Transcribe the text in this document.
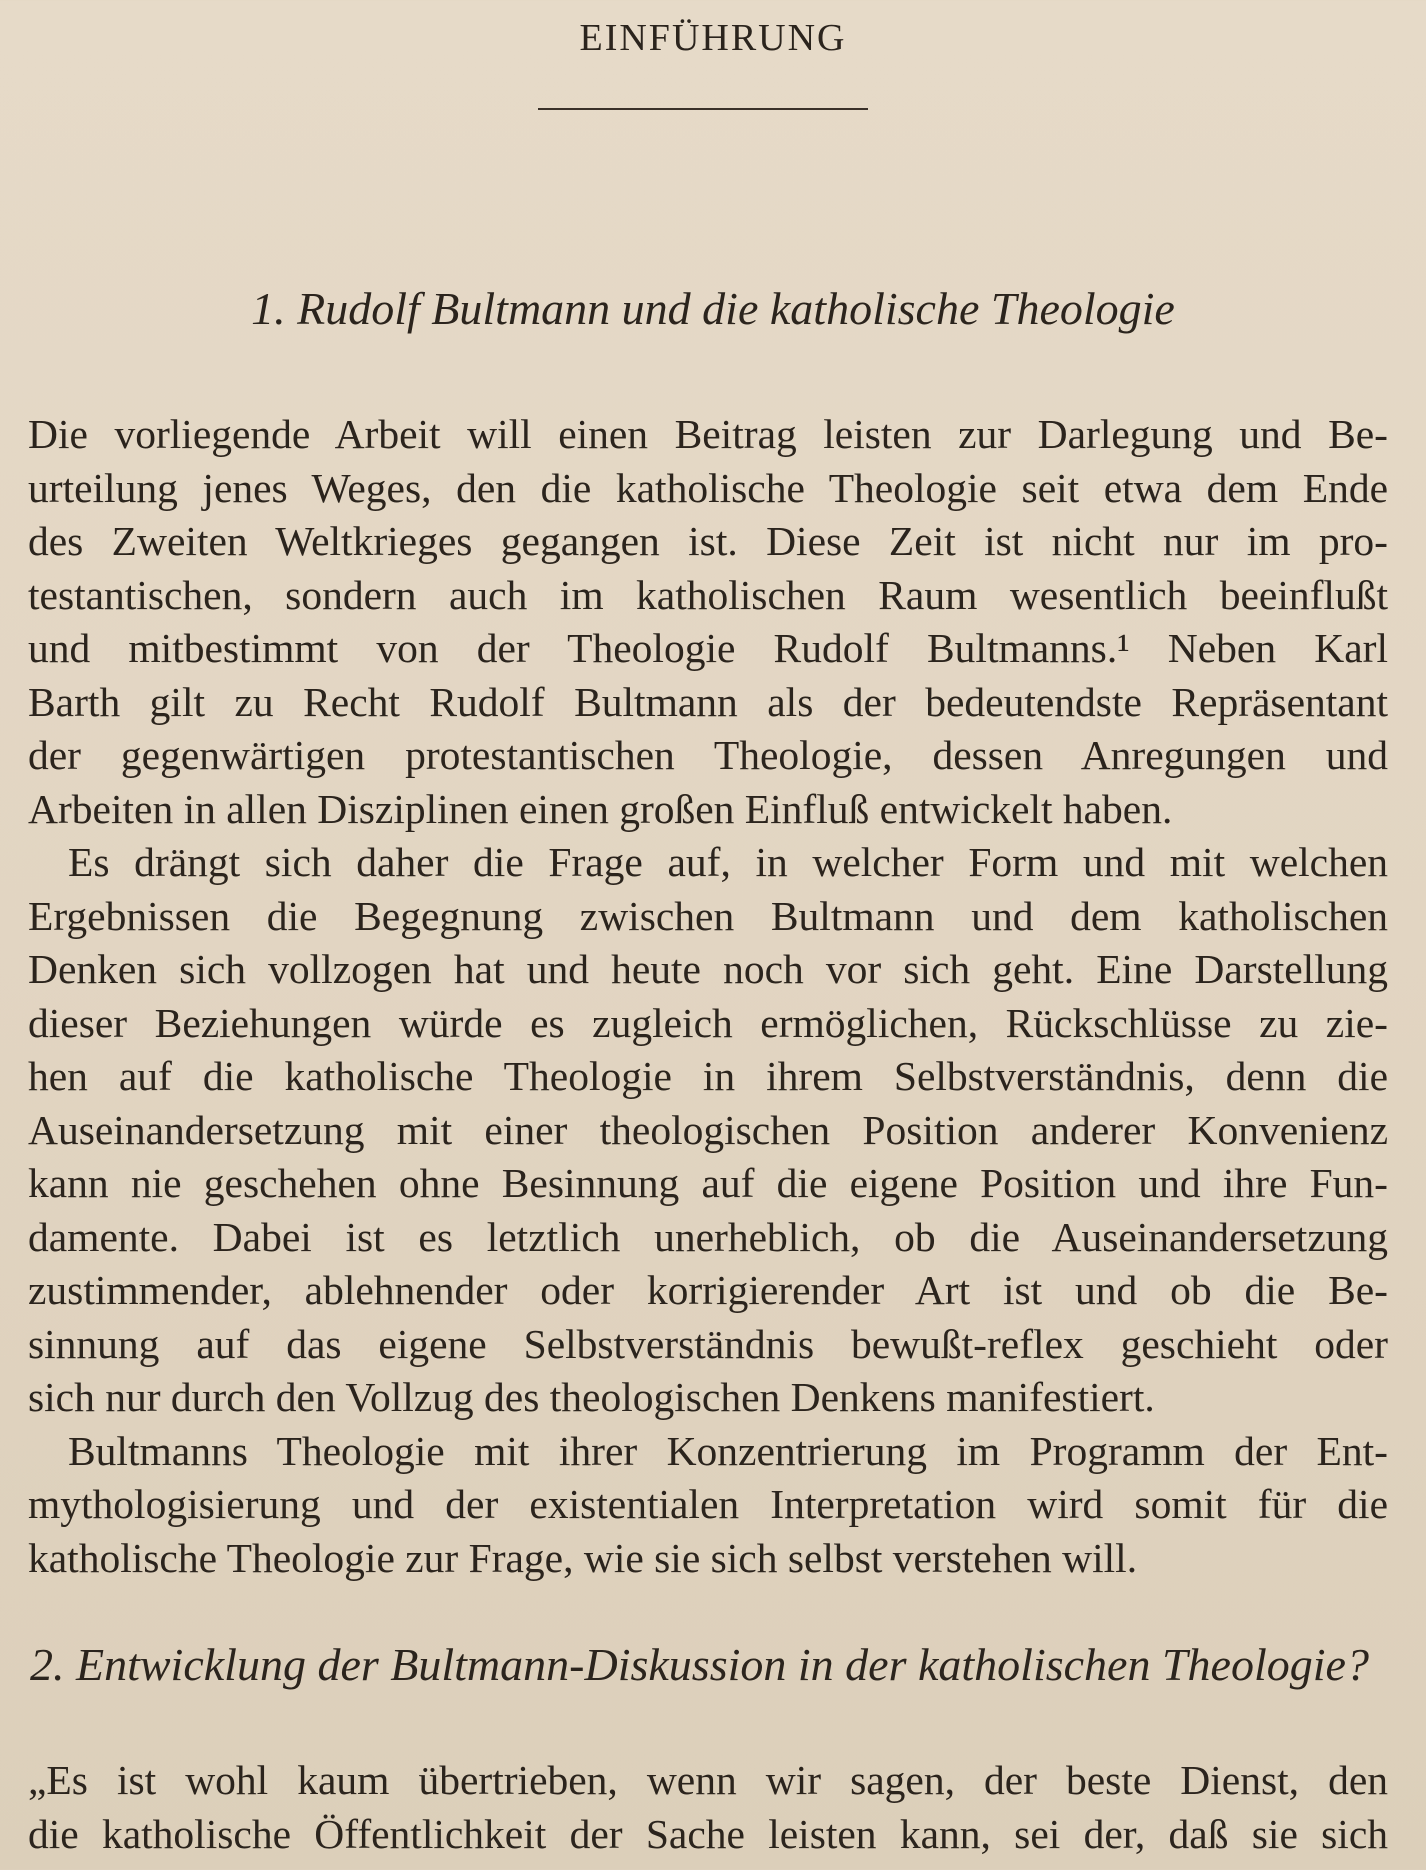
EINFÜHRUNG
1. Rudolf Bultmann und die katholische Theologie
Die vorliegende Arbeit will einen Beitrag leisten zur Darlegung und Be-
urteilung jenes Weges, den die katholische Theologie seit etwa dem Ende
des Zweiten Weltkrieges gegangen ist. Diese Zeit ist nicht nur im pro-
testantischen, sondern auch im katholischen Raum wesentlich beeinflußt
und mitbestimmt von der Theologie Rudolf Bultmanns.¹ Neben Karl
Barth gilt zu Recht Rudolf Bultmann als der bedeutendste Repräsentant
der gegenwärtigen protestantischen Theologie, dessen Anregungen und
Arbeiten in allen Disziplinen einen großen Einfluß entwickelt haben.
Es drängt sich daher die Frage auf, in welcher Form und mit welchen
Ergebnissen die Begegnung zwischen Bultmann und dem katholischen
Denken sich vollzogen hat und heute noch vor sich geht. Eine Darstellung
dieser Beziehungen würde es zugleich ermöglichen, Rückschlüsse zu zie-
hen auf die katholische Theologie in ihrem Selbstverständnis, denn die
Auseinandersetzung mit einer theologischen Position anderer Konvenienz
kann nie geschehen ohne Besinnung auf die eigene Position und ihre Fun-
damente. Dabei ist es letztlich unerheblich, ob die Auseinandersetzung
zustimmender, ablehnender oder korrigierender Art ist und ob die Be-
sinnung auf das eigene Selbstverständnis bewußt-reflex geschieht oder
sich nur durch den Vollzug des theologischen Denkens manifestiert.
Bultmanns Theologie mit ihrer Konzentrierung im Programm der Ent-
mythologisierung und der existentialen Interpretation wird somit für die
katholische Theologie zur Frage, wie sie sich selbst verstehen will.
2. Entwicklung der Bultmann-Diskussion in der katholischen Theologie?
„Es ist wohl kaum übertrieben, wenn wir sagen, der beste Dienst, den
die katholische Öffentlichkeit der Sache leisten kann, sei der, daß sie sich
